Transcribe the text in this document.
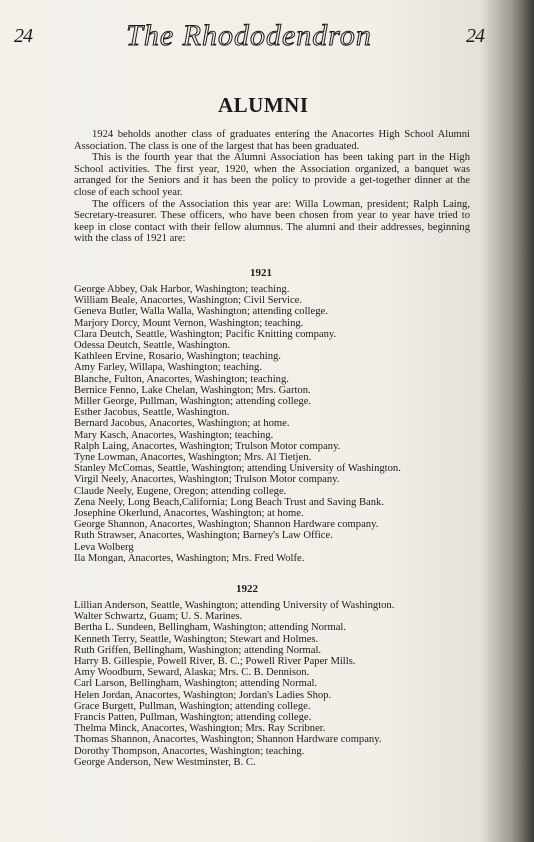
24	The Rhododendron	24
ALUMNI

1924 beholds another class of graduates entering the Anacortes High School Alumni Association. The class is one of the largest that has been graduated.

This is the fourth year that the Alumni Association has been taking part in the High School activities. The first year, 1920, when the Association organized, a banquet was arranged for the Seniors and it has been the policy to provide a get-together dinner at the close of each school year.

The officers of the Association this year are: Willa Lowman, president; Ralph Laing, Secretary-treasurer. These officers, who have been chosen from year to year have tried to keep in close contact with their fellow alumnus. The alumni and their addresses, beginning with the class of 1921 are:

1921
George Abbey, Oak Harbor, Washington; teaching.
William Beale, Anacortes, Washington; Civil Service.
Geneva Butler, Walla Walla, Washington; attending college.
Marjory Dorcy, Mount Vernon, Washington; teaching.
Clara Deutch, Seattle, Washington; Pacific Knitting company.
Odessa Deutch, Seattle, Washington.
Kathleen Ervine, Rosario, Washington; teaching.
Amy Farley, Willapa, Washington; teaching.
Blanche, Fulton, Anacortes, Washington; teaching.
Bernice Fenno, Lake Chelan, Washington; Mrs. Garton.
Miller George, Pullman, Washington; attending college.
Esther Jacobus, Seattle, Washington.
Bernard Jacobus, Anacortes, Washington; at home.
Mary Kasch, Anacortes, Washington; teaching.
Ralph Laing, Anacortes, Washington; Trulson Motor company.
Tyne Lowman, Anacortes, Washington; Mrs. Al Tietjen.
Stanley McComas, Seattle, Washington; attending University of Washington.
Virgil Neely, Anacortes, Washington; Trulson Motor company.
Claude Neely, Eugene, Oregon; attending college.
Zena Neely, Long Beach,California; Long Beach Trust and Saving Bank.
Josephine Okerlund, Anacortes, Washington; at home.
George Shannon, Anacortes, Washington; Shannon Hardware company.
Ruth Strawser, Anacortes, Washington; Barney's Law Office.
Leva Wolberg
Ila Mongan, Anacortes, Washington; Mrs. Fred Wolfe.
1922
Lillian Anderson, Seattle, Washington; attending University of Washington.
Walter Schwartz, Guam; U. S. Marines.
Bertha L. Sundeen, Bellingham, Washington; attending Normal.
Kenneth Terry, Seattle, Washington; Stewart and Holmes.
Ruth Griffen, Bellingham, Washington; attending Normal.
Harry B. Gillespie, Powell River, B. C.; Powell River Paper Mills.
Amy Woodburn, Seward, Alaska; Mrs. C. B. Dennison.
Carl Larson, Bellingham, Washington; attending Normal.
Helen Jordan, Anacortes, Washington; Jordan's Ladies Shop.
Grace Burgett, Pullman, Washington; attending college.
Francis Patten, Pullman, Washington; attending college.
Thelma Minck, Anacortes, Washington; Mrs. Ray Scribner.
Thomas Shannon, Anacortes, Washington; Shannon Hardware company.
Dorothy Thompson, Anacortes, Washington; teaching.
George Anderson, New Westminster, B. C.
